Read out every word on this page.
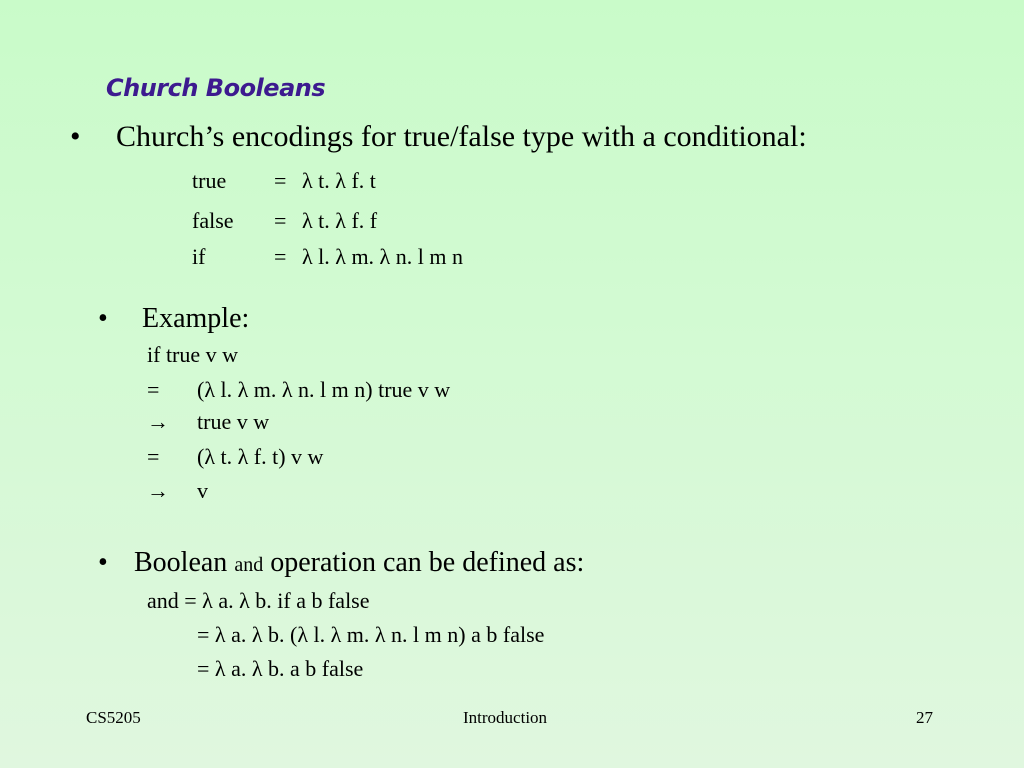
Church Booleans
• Church’s encodings for true/false type with a conditional:
true = λ t. λ f. t
false = λ t. λ f. f
if	= λ l. λ m. λ n. l m n
• Example:
if true v w
= (λ l. λ m. λ n. l m n) true v w
→ true v w
= (λ t. λ f. t) v w
→ v
• Boolean and operation can be defined as:
and = λ a. λ b. if a b false
= λ a. λ b. (λ l. λ m. λ n. l m n) a b false
= λ a. λ b. a b false
CS5205	Introduction	27
